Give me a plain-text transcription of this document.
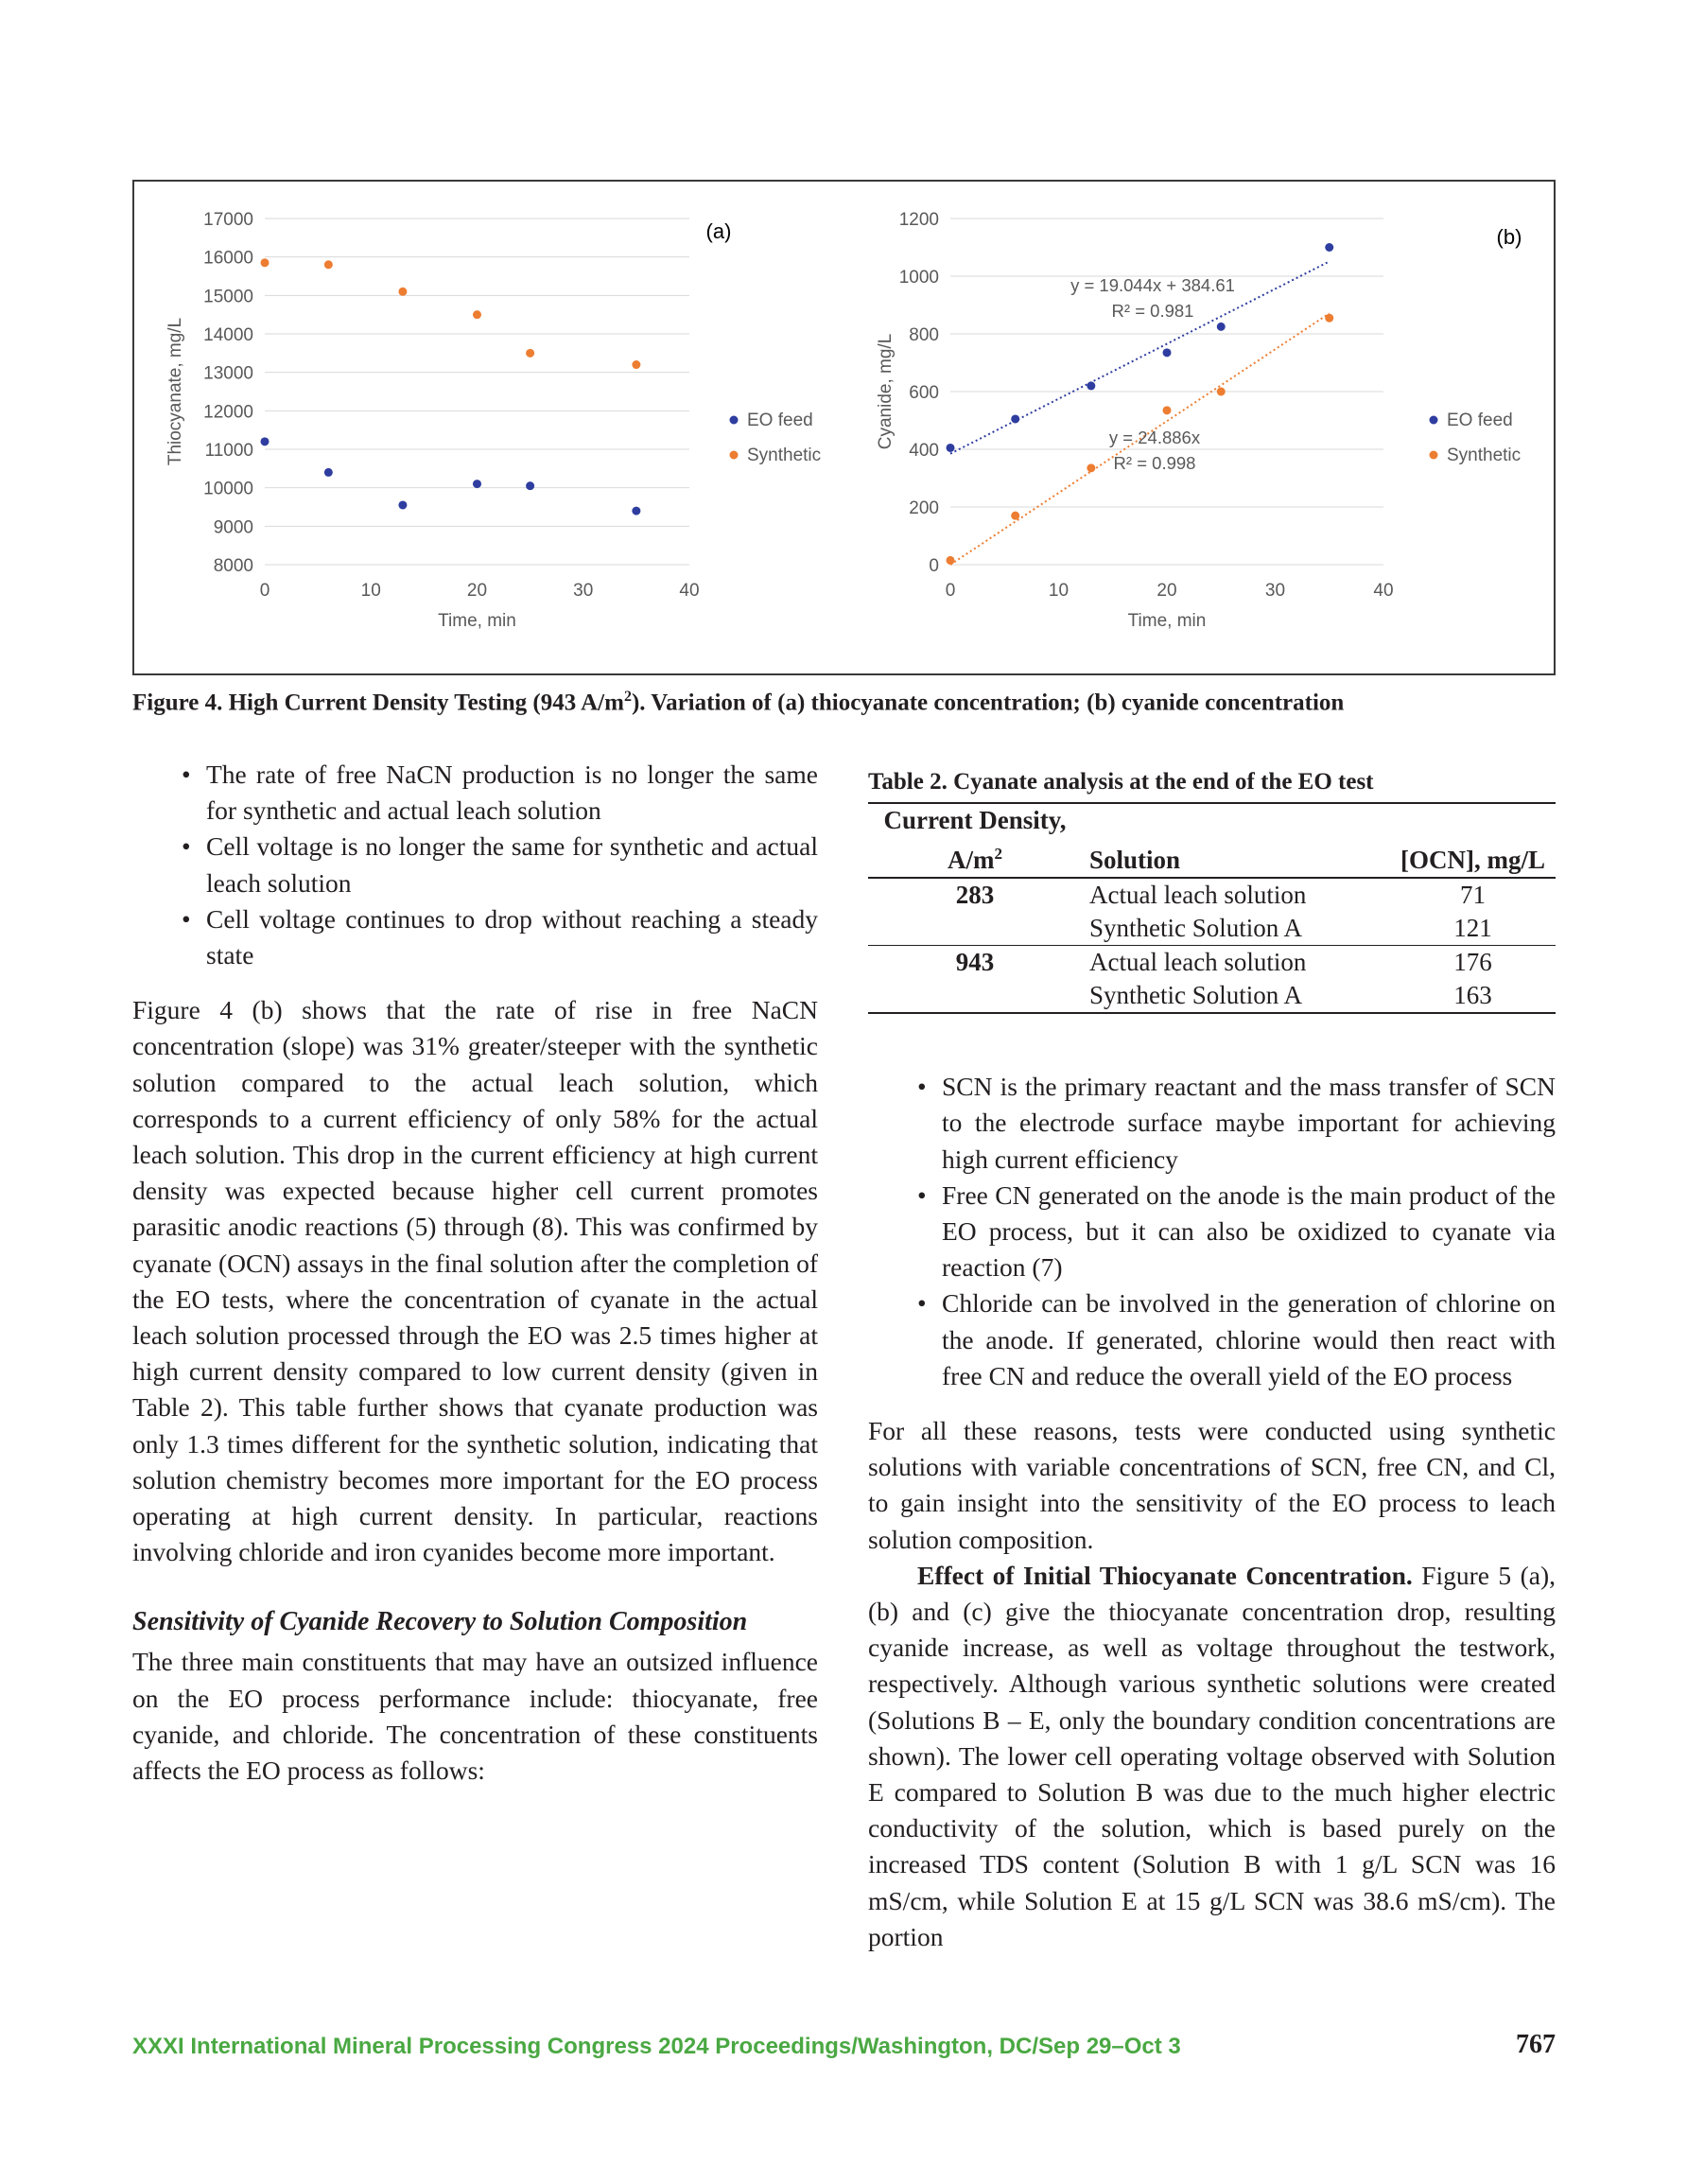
8000
9000
10000
11000
12000
13000
14000
15000
16000
17000
0	10	20	30	40
Time, min
Thiocyanate, mg/L
(a)
EO feed
Synthetic
0
200
400
600
800
1000
1200
0	10	20	30	40
Time, min
Cyanide, mg/L
(b)
EO feed
Synthetic
y = 19.044x + 384.61
R² = 0.981
y = 24.886x
R² = 0.998
Figure 4. High Current Density Testing (943 $A/m^2$). Variation of (a) thiocyanate concentration; (b) cyanide concentration
• The rate of free NaCN production is no longer the same for synthetic and actual leach solution
• Cell voltage is no longer the same for synthetic and actual leach solution
• Cell voltage continues to drop without reaching a steady state

Figure 4 (b) shows that the rate of rise in free NaCN concentration (slope) was 31% greater/steeper with the synthetic solution compared to the actual leach solution, which corresponds to a current efficiency of only 58% for the actual leach solution. This drop in the current efficiency at high current density was expected because higher cell current promotes parasitic anodic reactions (5) through (8). This was confirmed by cyanate (OCN) assays in the final solution after the completion of the EO tests, where the concentration of cyanate in the actual leach solution processed through the EO was 2.5 times higher at high current density compared to low current density (given in Table 2). This table further shows that cyanate production was only 1.3 times different for the synthetic solution, indicating that solution chemistry becomes more important for the EO process operating at high current density. In particular, reactions involving chloride and iron cyanides become more important.

Sensitivity of Cyanide Recovery to Solution Composition

The three main constituents that may have an outsized influence on the EO process performance include: thiocyanate, free cyanide, and chloride. The concentration of these constituents affects the EO process as follows:

Table 2. Cyanate analysis at the end of the EO test
Current Density,
$A/m^2$	Solution	[OCN], mg/L
283	Actual leach solution	71
	Synthetic Solution A	121
943	Actual leach solution	176
	Synthetic Solution A	163
• SCN is the primary reactant and the mass transfer of SCN to the electrode surface maybe important for achieving high current efficiency
• Free CN generated on the anode is the main product of the EO process, but it can also be oxidized to cyanate via reaction (7)
• Chloride can be involved in the generation of chlorine on the anode. If generated, chlorine would then react with free CN and reduce the overall yield of the EO process

For all these reasons, tests were conducted using synthetic solutions with variable concentrations of SCN, free CN, and Cl, to gain insight into the sensitivity of the EO process to leach solution composition.

Effect of Initial Thiocyanate Concentration. Figure 5 (a), (b) and (c) give the thiocyanate concentration drop, resulting cyanide increase, as well as voltage throughout the testwork, respectively. Although various synthetic solutions were created (Solutions B – E, only the boundary condition concentrations are shown). The lower cell operating voltage observed with Solution E compared to Solution B was due to the much higher electric conductivity of the solution, which is based purely on the increased TDS content (Solution B with 1 g/L SCN was 16 mS/cm, while Solution E at 15 g/L SCN was 38.6 mS/cm). The portion

XXXI International Mineral Processing Congress 2024 Proceedings/Washington, DC/Sep 29–Oct 3	767
